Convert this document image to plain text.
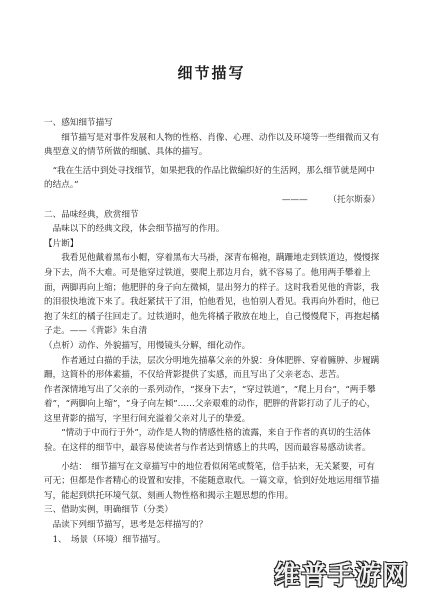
细节描写

一、感知细节描写

细节描写是对事件发展和人物的性格、肖像、心理、动作以及环境等一些细微而又有典型意义的情节所做的细腻、具体的描写。

“我在生活中到处寻找细节，如果把我的作品比做编织好的生活网，那么细节就是网中的结点。”

——— （托尔斯泰）

二、品味经典，欣赏细节

品味以下的经典文段，体会细节描写的作用。

【片断】

我看见他戴着黑布小帽，穿着黑布大马褂，深青布棉袍，蹒跚地走到铁道边，慢慢探身下去，尚不大难。可是他穿过铁道，要爬上那边月台，就不容易了。他用两手攀着上面，两脚再向上缩；他肥胖的身子向左微倾，显出努力的样子。这时我看见他的背影，我的泪很快地流下来了。我赶紧拭干了泪，怕他看见，也怕别人看见。我再向外看时，他已抱了朱红的橘子往回走了。过铁道时，他先将橘子散放在地上，自己慢慢爬下，再抱起橘子走。——《背影》朱自清

（点析）动作、外貌描写，用慢镜头分解，细化动作。

作者通过白描的手法，层次分明地先描摹父亲的外貌：身体肥胖、穿着臃肿、步履蹒跚，这简朴的形体素描，不仅给背影提供了实感，而且写出了父亲老态、悲苦。

作者深情地写出了父亲的一系列动作，“探身下去”，“穿过铁道”，“爬上月台”，“两手攀着”，“两脚向上缩”，“身子向左倾”……父亲艰难的动作，肥胖的背影打动了儿子的心，这里背影的描写，字里行间充溢着父亲对儿子的挚爱。

“情动于中而行于外”，动作是人物的情感性格的流露，来自于作者的真切的生活体验。在这样的细节中，最容易使读者与作者达到情感上的共鸣，因而最容易感动读者。

小结：　细节描写在文章描写中的地位看似闲笔或赘笔，信手拈来，无关紧要，可有可无；但都是作者精心的设置和安排，不能随意取代。一篇文章，恰到好处地运用细节描写，能起到烘托环境气氛、刻画人物性格和揭示主题思想的作用。

三、借助实例，明确细节（分类）

品读下列细节描写，思考是怎样描写的？

1、　场景（环境）细节描写。

维普手游网
